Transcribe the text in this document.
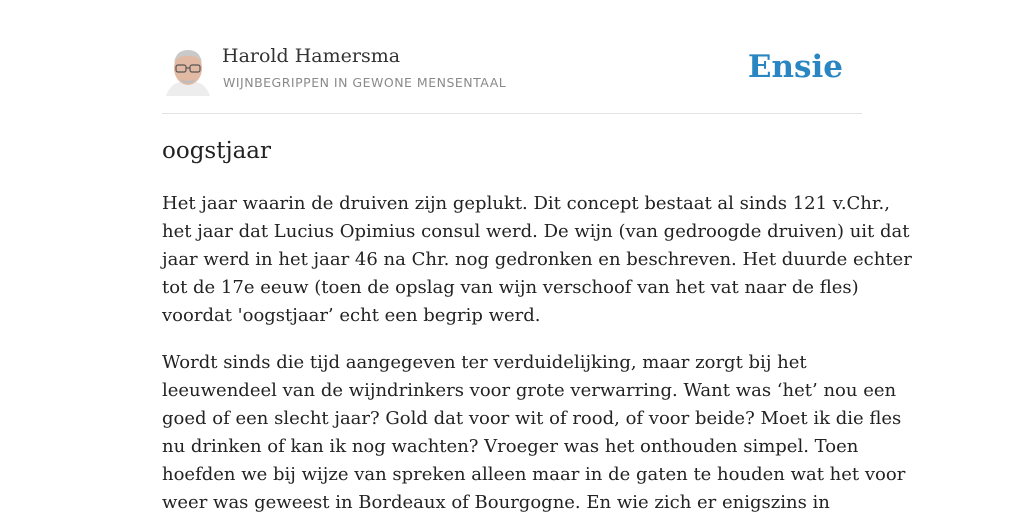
Harold Hamersma
WIJNBEGRIPPEN IN GEWONE MENSENTAAL	Ensie
oogstjaar

Het jaar waarin de druiven zijn geplukt. Dit concept bestaat al sinds 121 v.Chr.,
het jaar dat Lucius Opimius consul werd. De wijn (van gedroogde druiven) uit dat
jaar werd in het jaar 46 na Chr. nog gedronken en beschreven. Het duurde echter
tot de 17e eeuw (toen de opslag van wijn verschoof van het vat naar de fles)
voordat 'oogstjaar’ echt een begrip werd.

Wordt sinds die tijd aangegeven ter verduidelijking, maar zorgt bij het
leeuwendeel van de wijndrinkers voor grote verwarring. Want was ‘het’ nou een
goed of een slecht jaar? Gold dat voor wit of rood, of voor beide? Moet ik die fles
nu drinken of kan ik nog wachten? Vroeger was het onthouden simpel. Toen
hoefden we bij wijze van spreken alleen maar in de gaten te houden wat het voor
weer was geweest in Bordeaux of Bourgogne. En wie zich er enigszins in
